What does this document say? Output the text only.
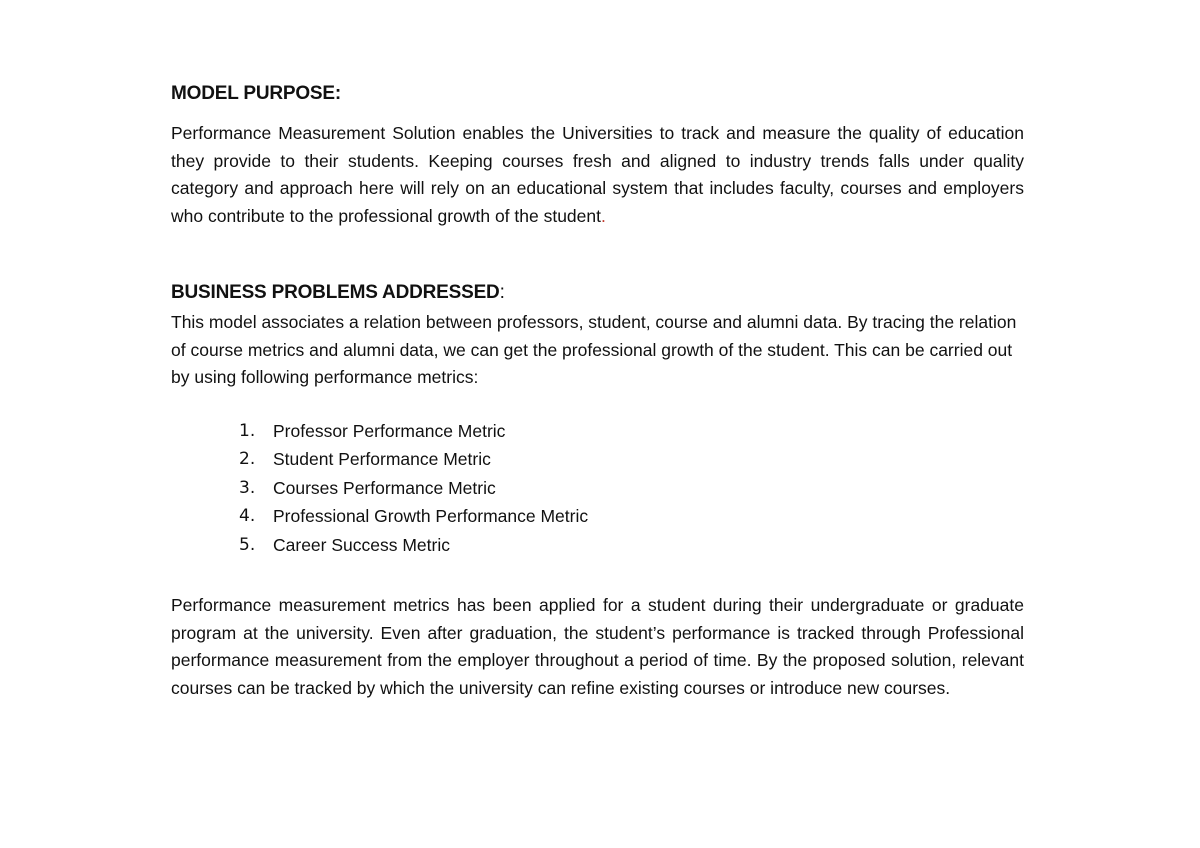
MODEL PURPOSE:

Performance Measurement Solution enables the Universities to track and measure the quality of education they provide to their students. Keeping courses fresh and aligned to industry trends falls under quality category and approach here will rely on an educational system that includes faculty, courses and employers who contribute to the professional growth of the student.

BUSINESS PROBLEMS ADDRESSED:

This model associates a relation between professors, student, course and alumni data. By tracing the relation of course metrics and alumni data, we can get the professional growth of the student. This can be carried out by using following performance metrics:

1.	Professor Performance Metric
2.	Student Performance Metric
3.	Courses Performance Metric
4.	Professional Growth Performance Metric
5.	Career Success Metric

Performance measurement metrics has been applied for a student during their undergraduate or graduate program at the university. Even after graduation, the student’s performance is tracked through Professional performance measurement from the employer throughout a period of time. By the proposed solution, relevant courses can be tracked by which the university can refine existing courses or introduce new courses.
